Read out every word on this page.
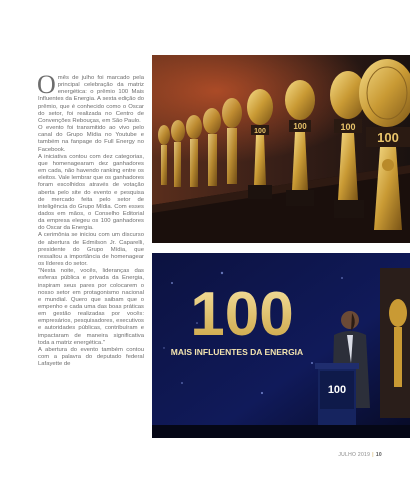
O mês de julho foi marcado pela principal celebração da matriz energética: o prêmio 100 Mais Influentes da Energia. A sexta edição do prêmio, que é conhecido como o Oscar do setor, foi realizada no Centro de Convenções Rebouças, em São Paulo.

O evento foi transmitido ao vivo pelo canal do Grupo Mídia no Youtube e também na fanpage do Full Energy no Facebook.

A iniciativa contou com dez categorias, que homenagearam dez ganhadores em cada, não havendo ranking entre os eleitos. Vale lembrar que os ganhadores foram escolhidos através de votação aberta pelo site do evento e pesquisa de mercado feita pelo setor de inteligência do Grupo Mídia. Com esses dados em mãos, o Conselho Editorial da empresa elegeu os 100 ganhadores do Oscar da Energia.

A cerimônia se iniciou com um discurso de abertura de Edmilson Jr. Caparelli, presidente do Grupo Mídia, que ressaltou a importância de homenagear os líderes do setor.

"Nesta noite, vocês, lideranças das esferas pública e privada da Energia, inspiram seus pares por colocarem o nosso setor em protagonismo nacional e mundial. Quero que saibam que o empenho e cada uma das boas práticas em gestão realizadas por vocês: empresários, pesquisadores, executivos e autoridades públicas, contribuíram e impactaram de maneira significativa toda a matriz energética."

A abertura do evento também contou com a palavra do deputado federal Lafayette de

100
100	100
100
100
MAIS INFLUENTES DA ENERGIA
100
JULHO 2019 | 10
